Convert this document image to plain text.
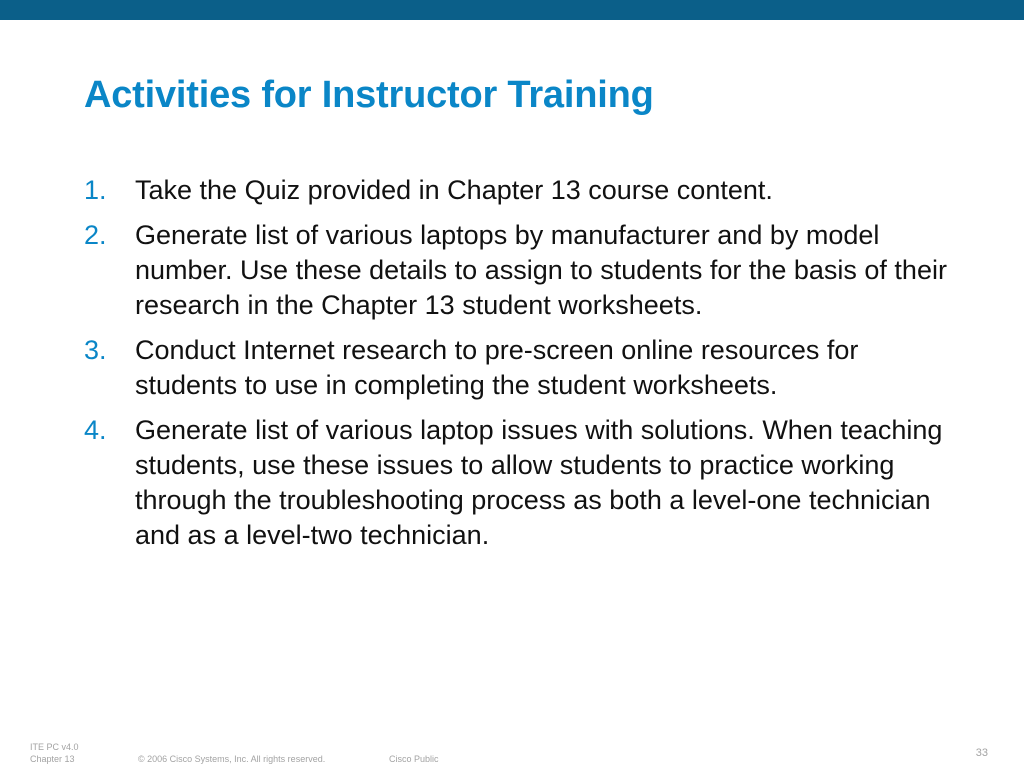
Activities for Instructor Training
1.	Take the Quiz provided in Chapter 13 course content.
2.	Generate list of various laptops by manufacturer and by model number. Use these details to assign to students for the basis of their research in the Chapter 13 student worksheets.
3.	Conduct Internet research to pre-screen online resources for students to use in completing the student worksheets.
4.	Generate list of various laptop issues with solutions. When teaching students, use these issues to allow students to practice working through the troubleshooting process as both a level-one technician and as a level-two technician.
ITE PC v4.0
Chapter 13	© 2006 Cisco Systems, Inc. All rights reserved.	Cisco Public	33
